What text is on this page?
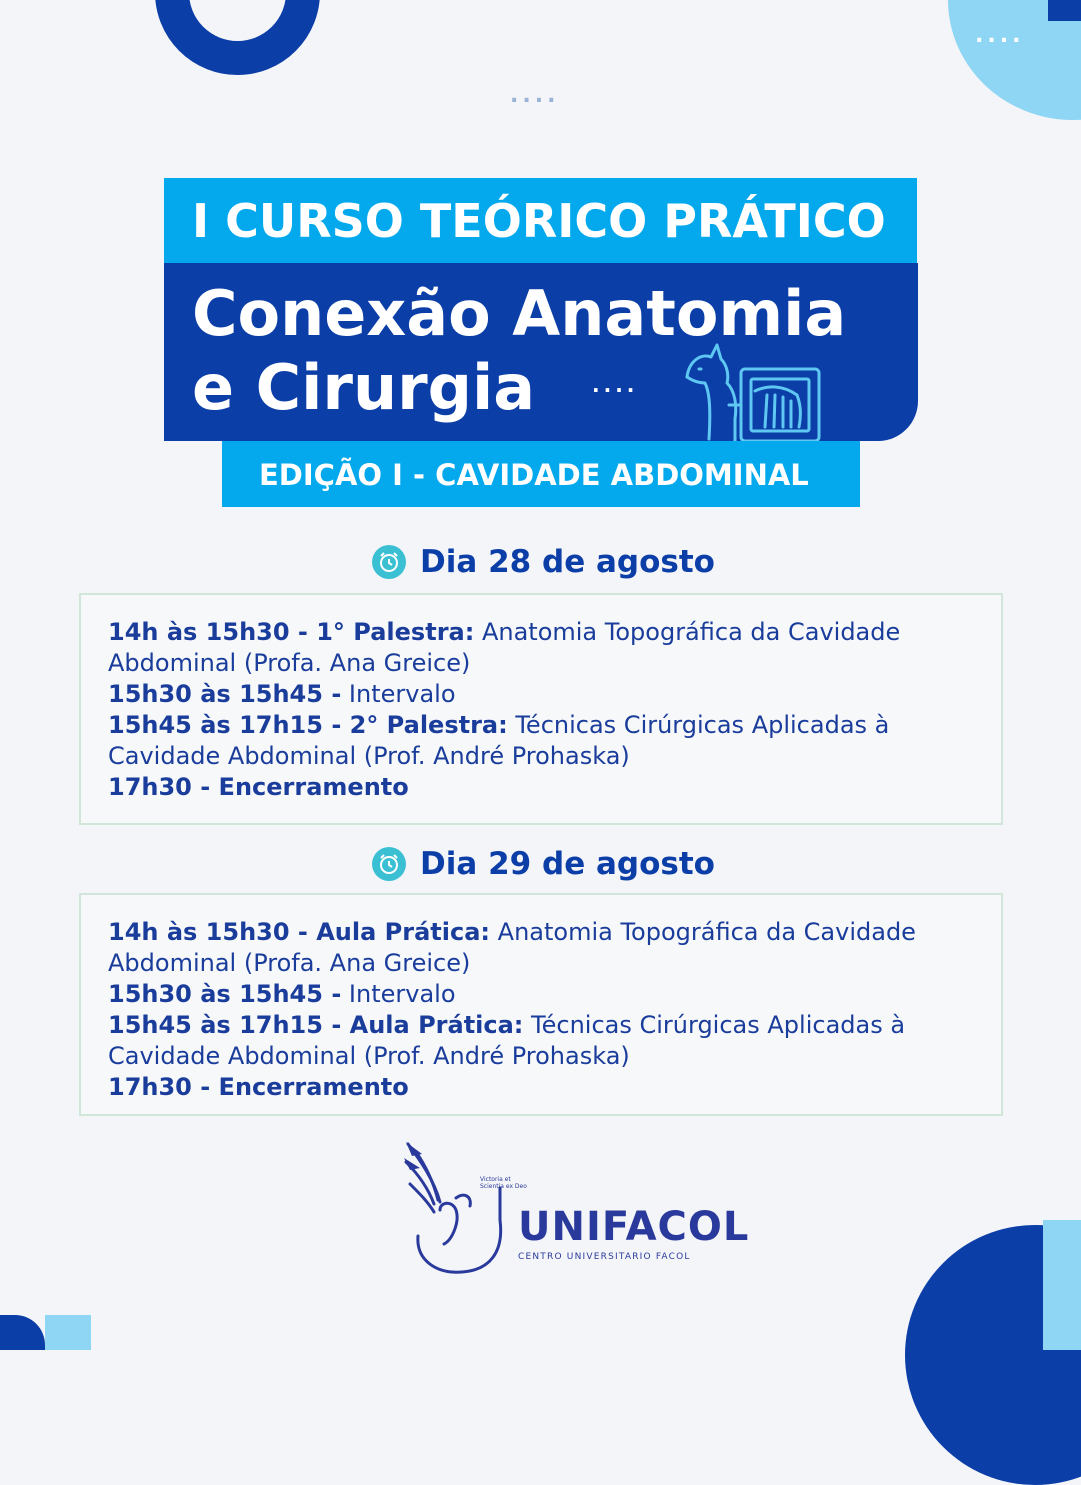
....
....
I CURSO TEÓRICO PRÁTICO
Conexão Anatomia
e Cirurgia	....
EDIÇÃO I - CAVIDADE ABDOMINAL
Dia 28 de agosto
14h às 15h30 - 1° Palestra: Anatomia Topográfica da Cavidade Abdominal (Profa. Ana Greice)
15h30 às 15h45 - Intervalo
15h45 às 17h15 - 2° Palestra: Técnicas Cirúrgicas Aplicadas à Cavidade Abdominal (Prof. André Prohaska)
17h30 - Encerramento
Dia 29 de agosto
14h às 15h30 - Aula Prática: Anatomia Topográfica da Cavidade Abdominal (Profa. Ana Greice)
15h30 às 15h45 - Intervalo
15h45 às 17h15 - Aula Prática: Técnicas Cirúrgicas Aplicadas à Cavidade Abdominal (Prof. André Prohaska)
17h30 - Encerramento
Victoria et
Scientia ex Deo
UNIFACOL
CENTRO UNIVERSITARIO FACOL
